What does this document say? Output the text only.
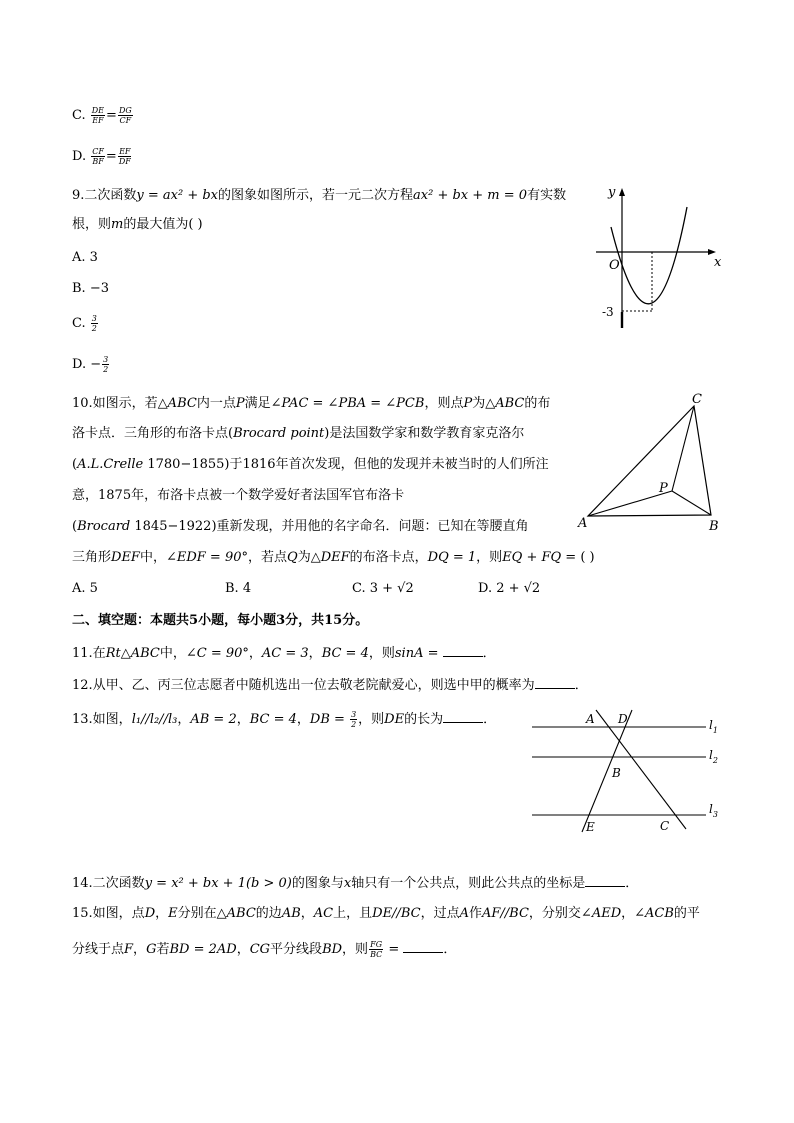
C. $\frac{DE}{EF} = \frac{DG}{CF}$
D. $\frac{CF}{BF} = \frac{EF}{DF}$
9.二次函数y = ax² + bx的图象如图所示，若一元二次方程ax² + bx + m = 0有实数
根，则m的最大值为( )
A. 3
B. −3
C. $\frac{3}{2}$
D. − $\frac{3}{2}$
y
x
O
-3
10.如图示，若△ABC内一点P满足∠PAC = ∠PBA = ∠PCB，则点P为△ABC的布
洛卡点．三角形的布洛卡点(Brocard point)是法国数学家和数学教育家克洛尔
(A.L.Crelle 1780−1855)于1816年首次发现，但他的发现并未被当时的人们所注
意，1875年，布洛卡点被一个数学爱好者法国军官布洛卡
(Brocard 1845−1922)重新发现，并用他的名字命名．问题：已知在等腰直角
三角形DEF中，∠EDF = 90°，若点Q为△DEF的布洛卡点，DQ = 1，则EQ + FQ = ( )
A. 5	B. 4	C. 3 + √2	D. 2 + √2
A	B
C
P
二、填空题：本题共5小题，每小题3分，共15分。
11.在Rt△ABC中，∠C = 90°，AC = 3，BC = 4，则sinA =	．
12.从甲、乙、丙三位志愿者中随机选出一位去敬老院献爱心，则选中甲的概率为	．
13.如图，l₁//l₂//l₃，AB = 2，BC = 4，DB = $\frac{3}{2}$ ，则DE的长为	．	A D
B
E	C
$l_1$
$l_2$
$l_3$
14.二次函数y = x² + bx + 1(b > 0)的图象与x轴只有一个公共点，则此公共点的坐标是	．
15.如图，点D，E分别在△ABC的边AB，AC上，且DE//BC，过点A作AF//BC，分别交∠AED，∠ACB的平
分线于点F，G若BD = 2AD，CG平分线段BD，则 $\frac{FG}{BC}$ =	．
